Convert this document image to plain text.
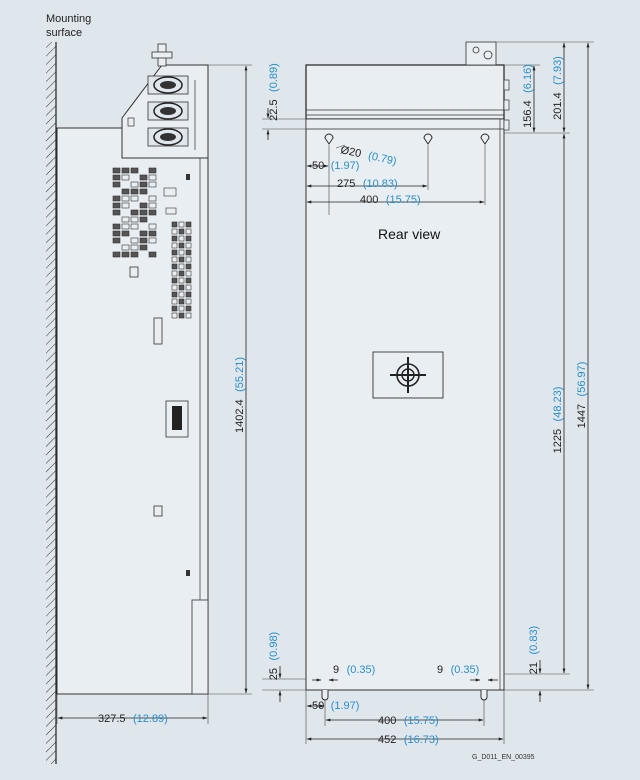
Mounting
surface
1402.4 (55.21)
327.5 (12.89)
Rear view
22.5 (0.89)
Ø20 (0.79)
50 (1.97)
275 (10.83)
400 (15.75)
156.4 (6.16)
201.4 (7.93)
1225 (48.23)	1447 (56.97)
25 (0.98)
21 (0.83)
9 (0.35)	9 (0.35)
50 (1.97)
400 (15.75)
452 (16.73)
G_D011_EN_00395
